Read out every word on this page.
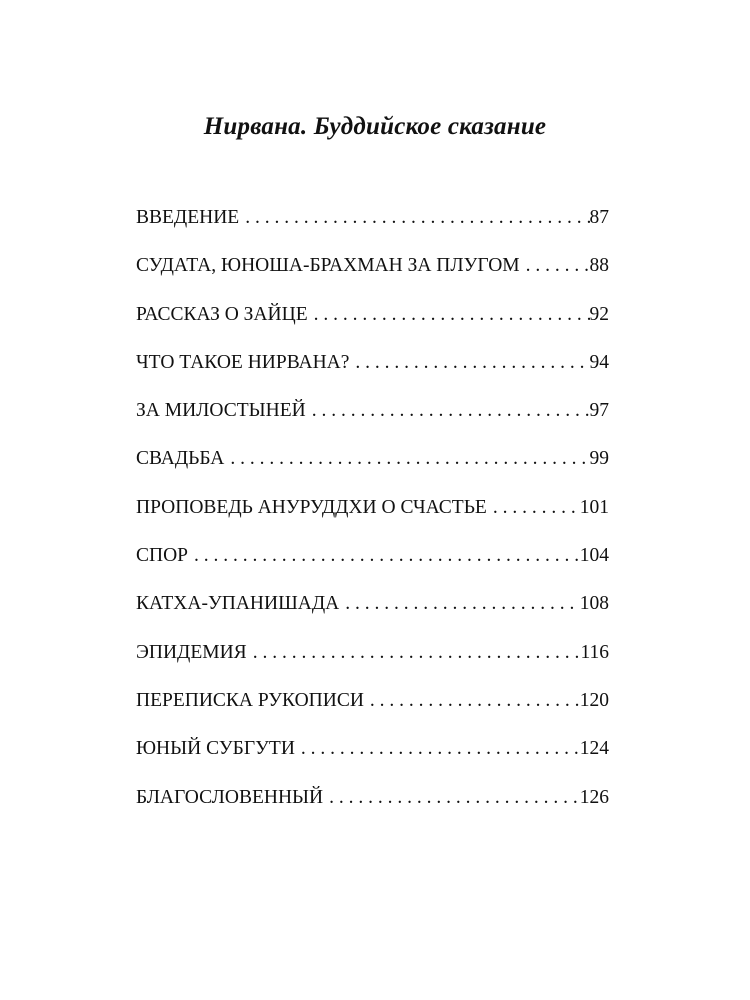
Нирвана. Буддийское сказание
ВВЕДЕНИЕ . . .	87
СУДАТА, ЮНОША-БРАХМАН ЗА ПЛУГОМ . . .	88
РАССКАЗ О ЗАЙЦЕ . . .	92
ЧТО ТАКОЕ НИРВАНА? . . .	94
ЗА МИЛОСТЫНЕЙ . . .	97
СВАДЬБА . . .	99
ПРОПОВЕДЬ АНУРУДДХИ О СЧАСТЬЕ . . .	101
СПОР . . .	104
КАТХА-УПАНИШАДА . . .	108
ЭПИДЕМИЯ . . .	116
ПЕРЕПИСКА РУКОПИСИ . . .	120
ЮНЫЙ СУБГУТИ . . .	124
БЛАГОСЛОВЕННЫЙ . . .	126
